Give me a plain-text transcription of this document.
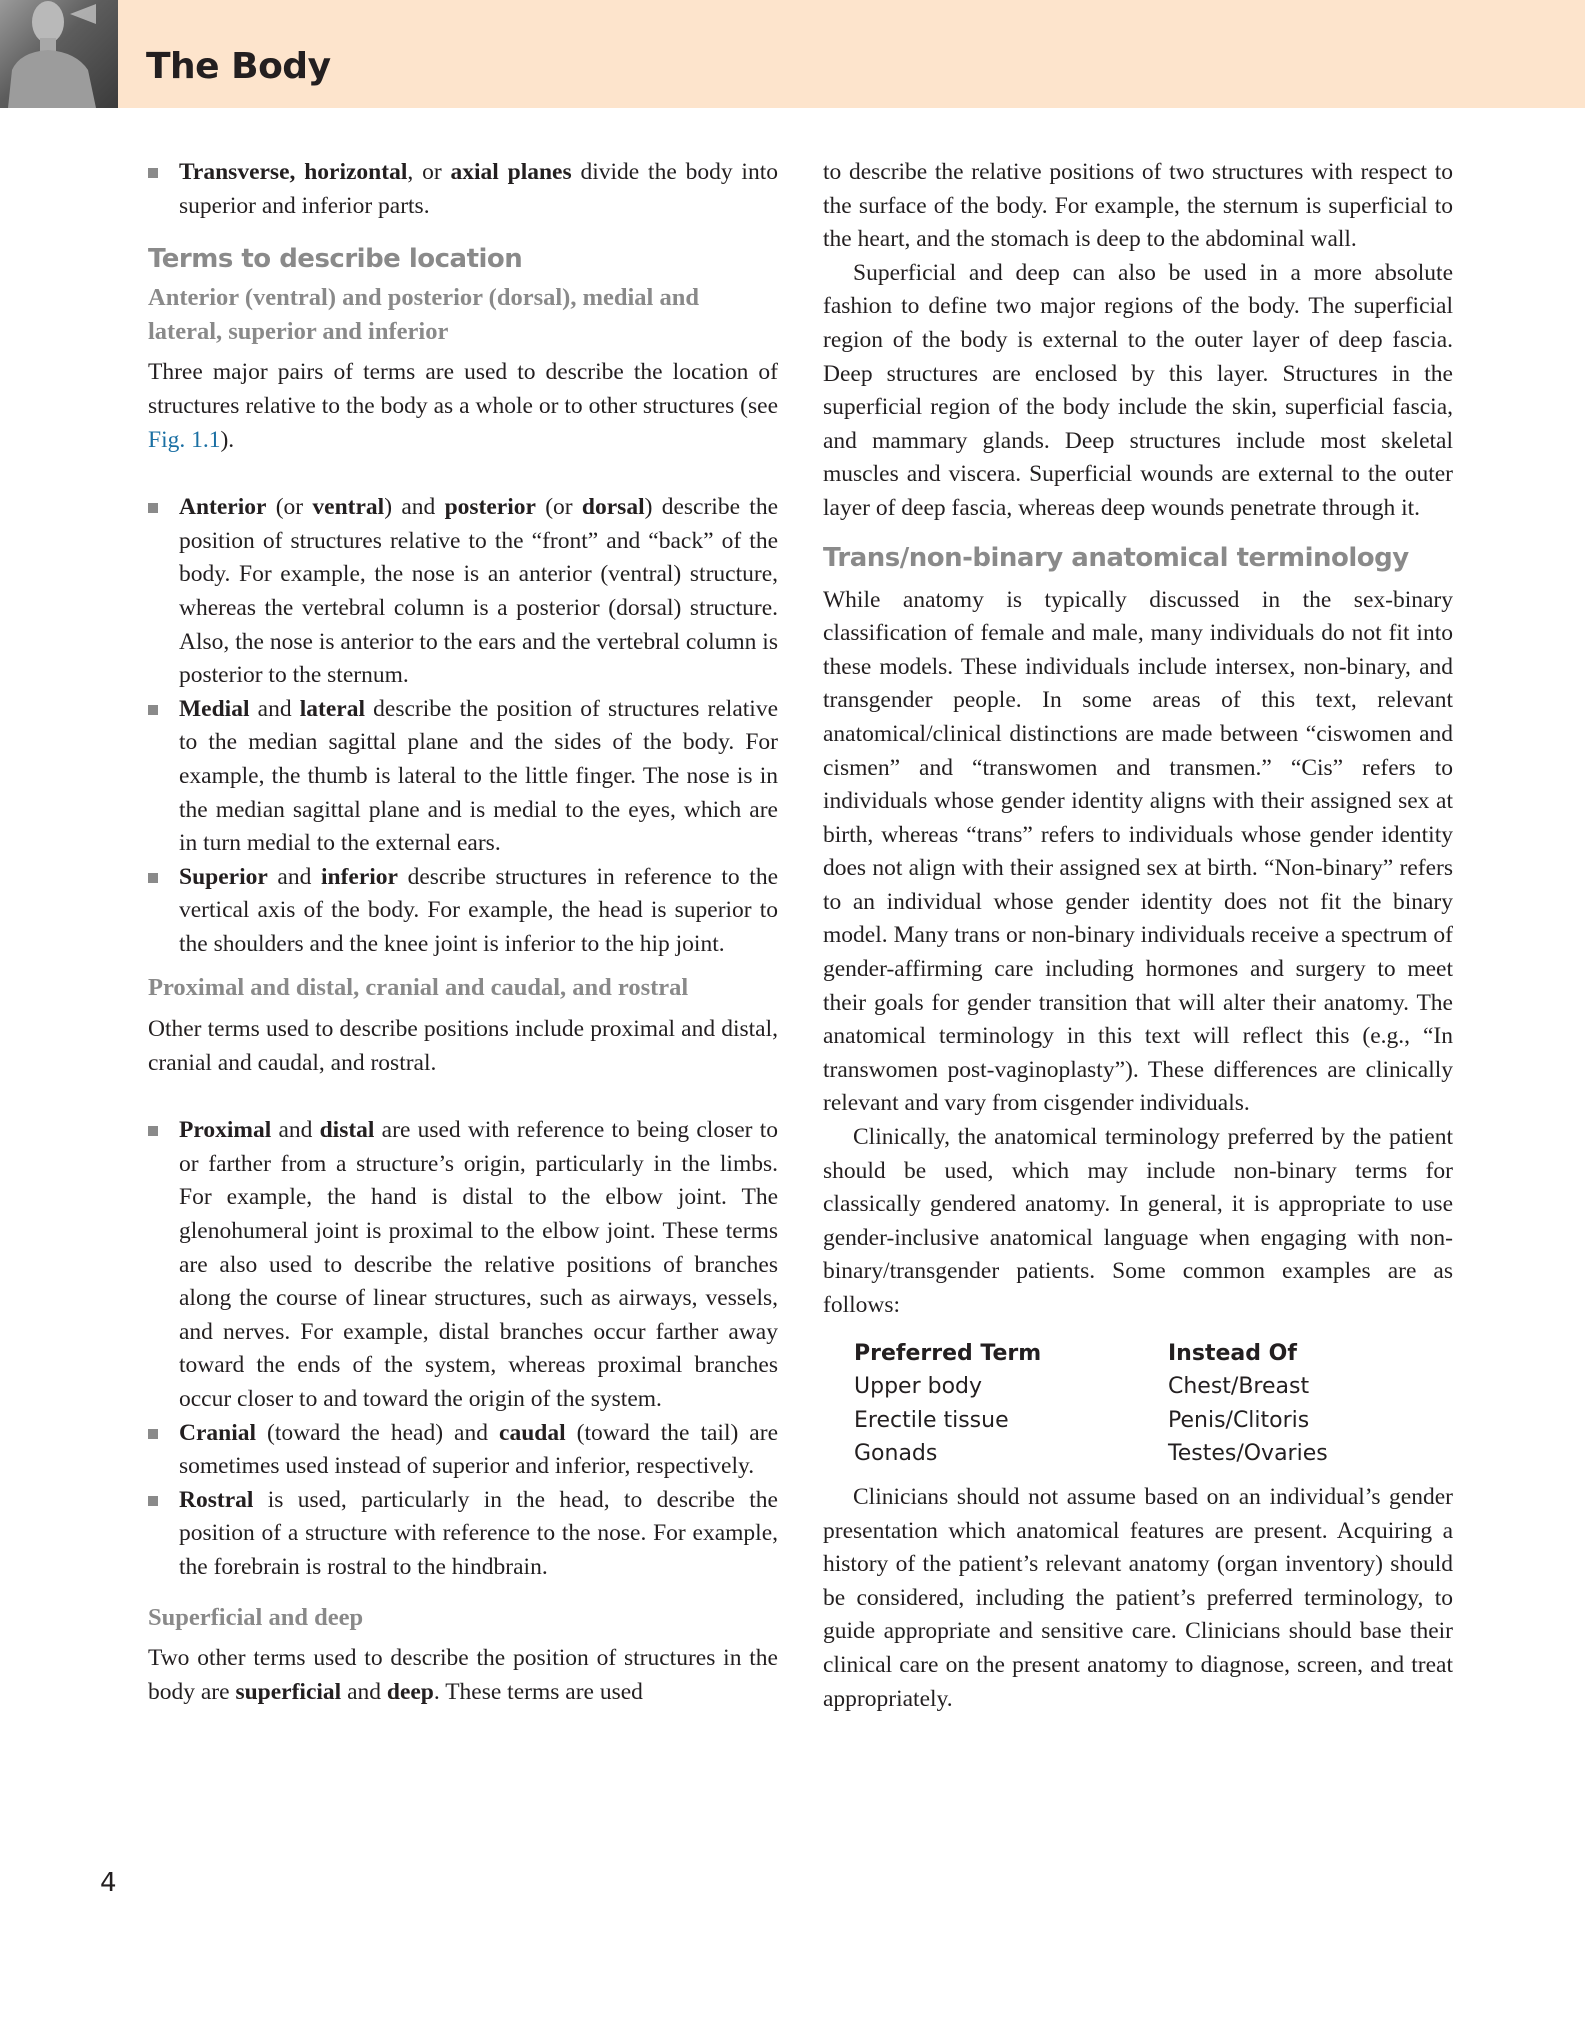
The Body
Transverse, horizontal, or axial planes divide the body into superior and inferior parts.
Terms to describe location
Anterior (ventral) and posterior (dorsal), medial and lateral, superior and inferior

Three major pairs of terms are used to describe the location of structures relative to the body as a whole or to other structures (see Fig. 1.1).

Anterior (or ventral) and posterior (or dorsal) describe the position of structures relative to the “front” and “back” of the body. For example, the nose is an anterior (ventral) structure, whereas the vertebral column is a posterior (dorsal) structure. Also, the nose is anterior to the ears and the vertebral column is posterior to the sternum.
Medial and lateral describe the position of structures relative to the median sagittal plane and the sides of the body. For example, the thumb is lateral to the little finger. The nose is in the median sagittal plane and is medial to the eyes, which are in turn medial to the external ears.
Superior and inferior describe structures in reference to the vertical axis of the body. For example, the head is superior to the shoulders and the knee joint is inferior to the hip joint.
Proximal and distal, cranial and caudal, and rostral

Other terms used to describe positions include proximal and distal, cranial and caudal, and rostral.

Proximal and distal are used with reference to being closer to or farther from a structure’s origin, particularly in the limbs. For example, the hand is distal to the elbow joint. The glenohumeral joint is proximal to the elbow joint. These terms are also used to describe the relative positions of branches along the course of linear structures, such as airways, vessels, and nerves. For example, distal branches occur farther away toward the ends of the system, whereas proximal branches occur closer to and toward the origin of the system.
Cranial (toward the head) and caudal (toward the tail) are sometimes used instead of superior and inferior, respectively.
Rostral is used, particularly in the head, to describe the position of a structure with reference to the nose. For example, the forebrain is rostral to the hindbrain.
Superficial and deep

Two other terms used to describe the position of structures in the body are superficial and deep. These terms are used

to describe the relative positions of two structures with respect to the surface of the body. For example, the sternum is superficial to the heart, and the stomach is deep to the abdominal wall.

Superficial and deep can also be used in a more absolute fashion to define two major regions of the body. The superficial region of the body is external to the outer layer of deep fascia. Deep structures are enclosed by this layer. Structures in the superficial region of the body include the skin, superficial fascia, and mammary glands. Deep structures include most skeletal muscles and viscera. Superficial wounds are external to the outer layer of deep fascia, whereas deep wounds penetrate through it.

Trans/non-binary anatomical terminology

While anatomy is typically discussed in the sex-binary classification of female and male, many individuals do not fit into these models. These individuals include intersex, non-binary, and transgender people. In some areas of this text, relevant anatomical/clinical distinctions are made between “ciswomen and cismen” and “transwomen and transmen.” “Cis” refers to individuals whose gender identity aligns with their assigned sex at birth, whereas “trans” refers to individuals whose gender identity does not align with their assigned sex at birth. “Non-binary” refers to an individual whose gender identity does not fit the binary model. Many trans or non-binary individuals receive a spectrum of gender-affirming care including hormones and surgery to meet their goals for gender transition that will alter their anatomy. The anatomical terminology in this text will reflect this (e.g., “In transwomen post-vaginoplasty”). These differences are clinically relevant and vary from cisgender individuals.

Clinically, the anatomical terminology preferred by the patient should be used, which may include non-binary terms for classically gendered anatomy. In general, it is appropriate to use gender-inclusive anatomical language when engaging with non-binary/transgender patients. Some common examples are as follows:

Preferred Term	Instead Of
Upper body	Chest/Breast
Erectile tissue	Penis/Clitoris
Gonads	Testes/Ovaries

Clinicians should not assume based on an individual’s gender presentation which anatomical features are present. Acquiring a history of the patient’s relevant anatomy (organ inventory) should be considered, including the patient’s preferred terminology, to guide appropriate and sensitive care. Clinicians should base their clinical care on the present anatomy to diagnose, screen, and treat appropriately.

4
